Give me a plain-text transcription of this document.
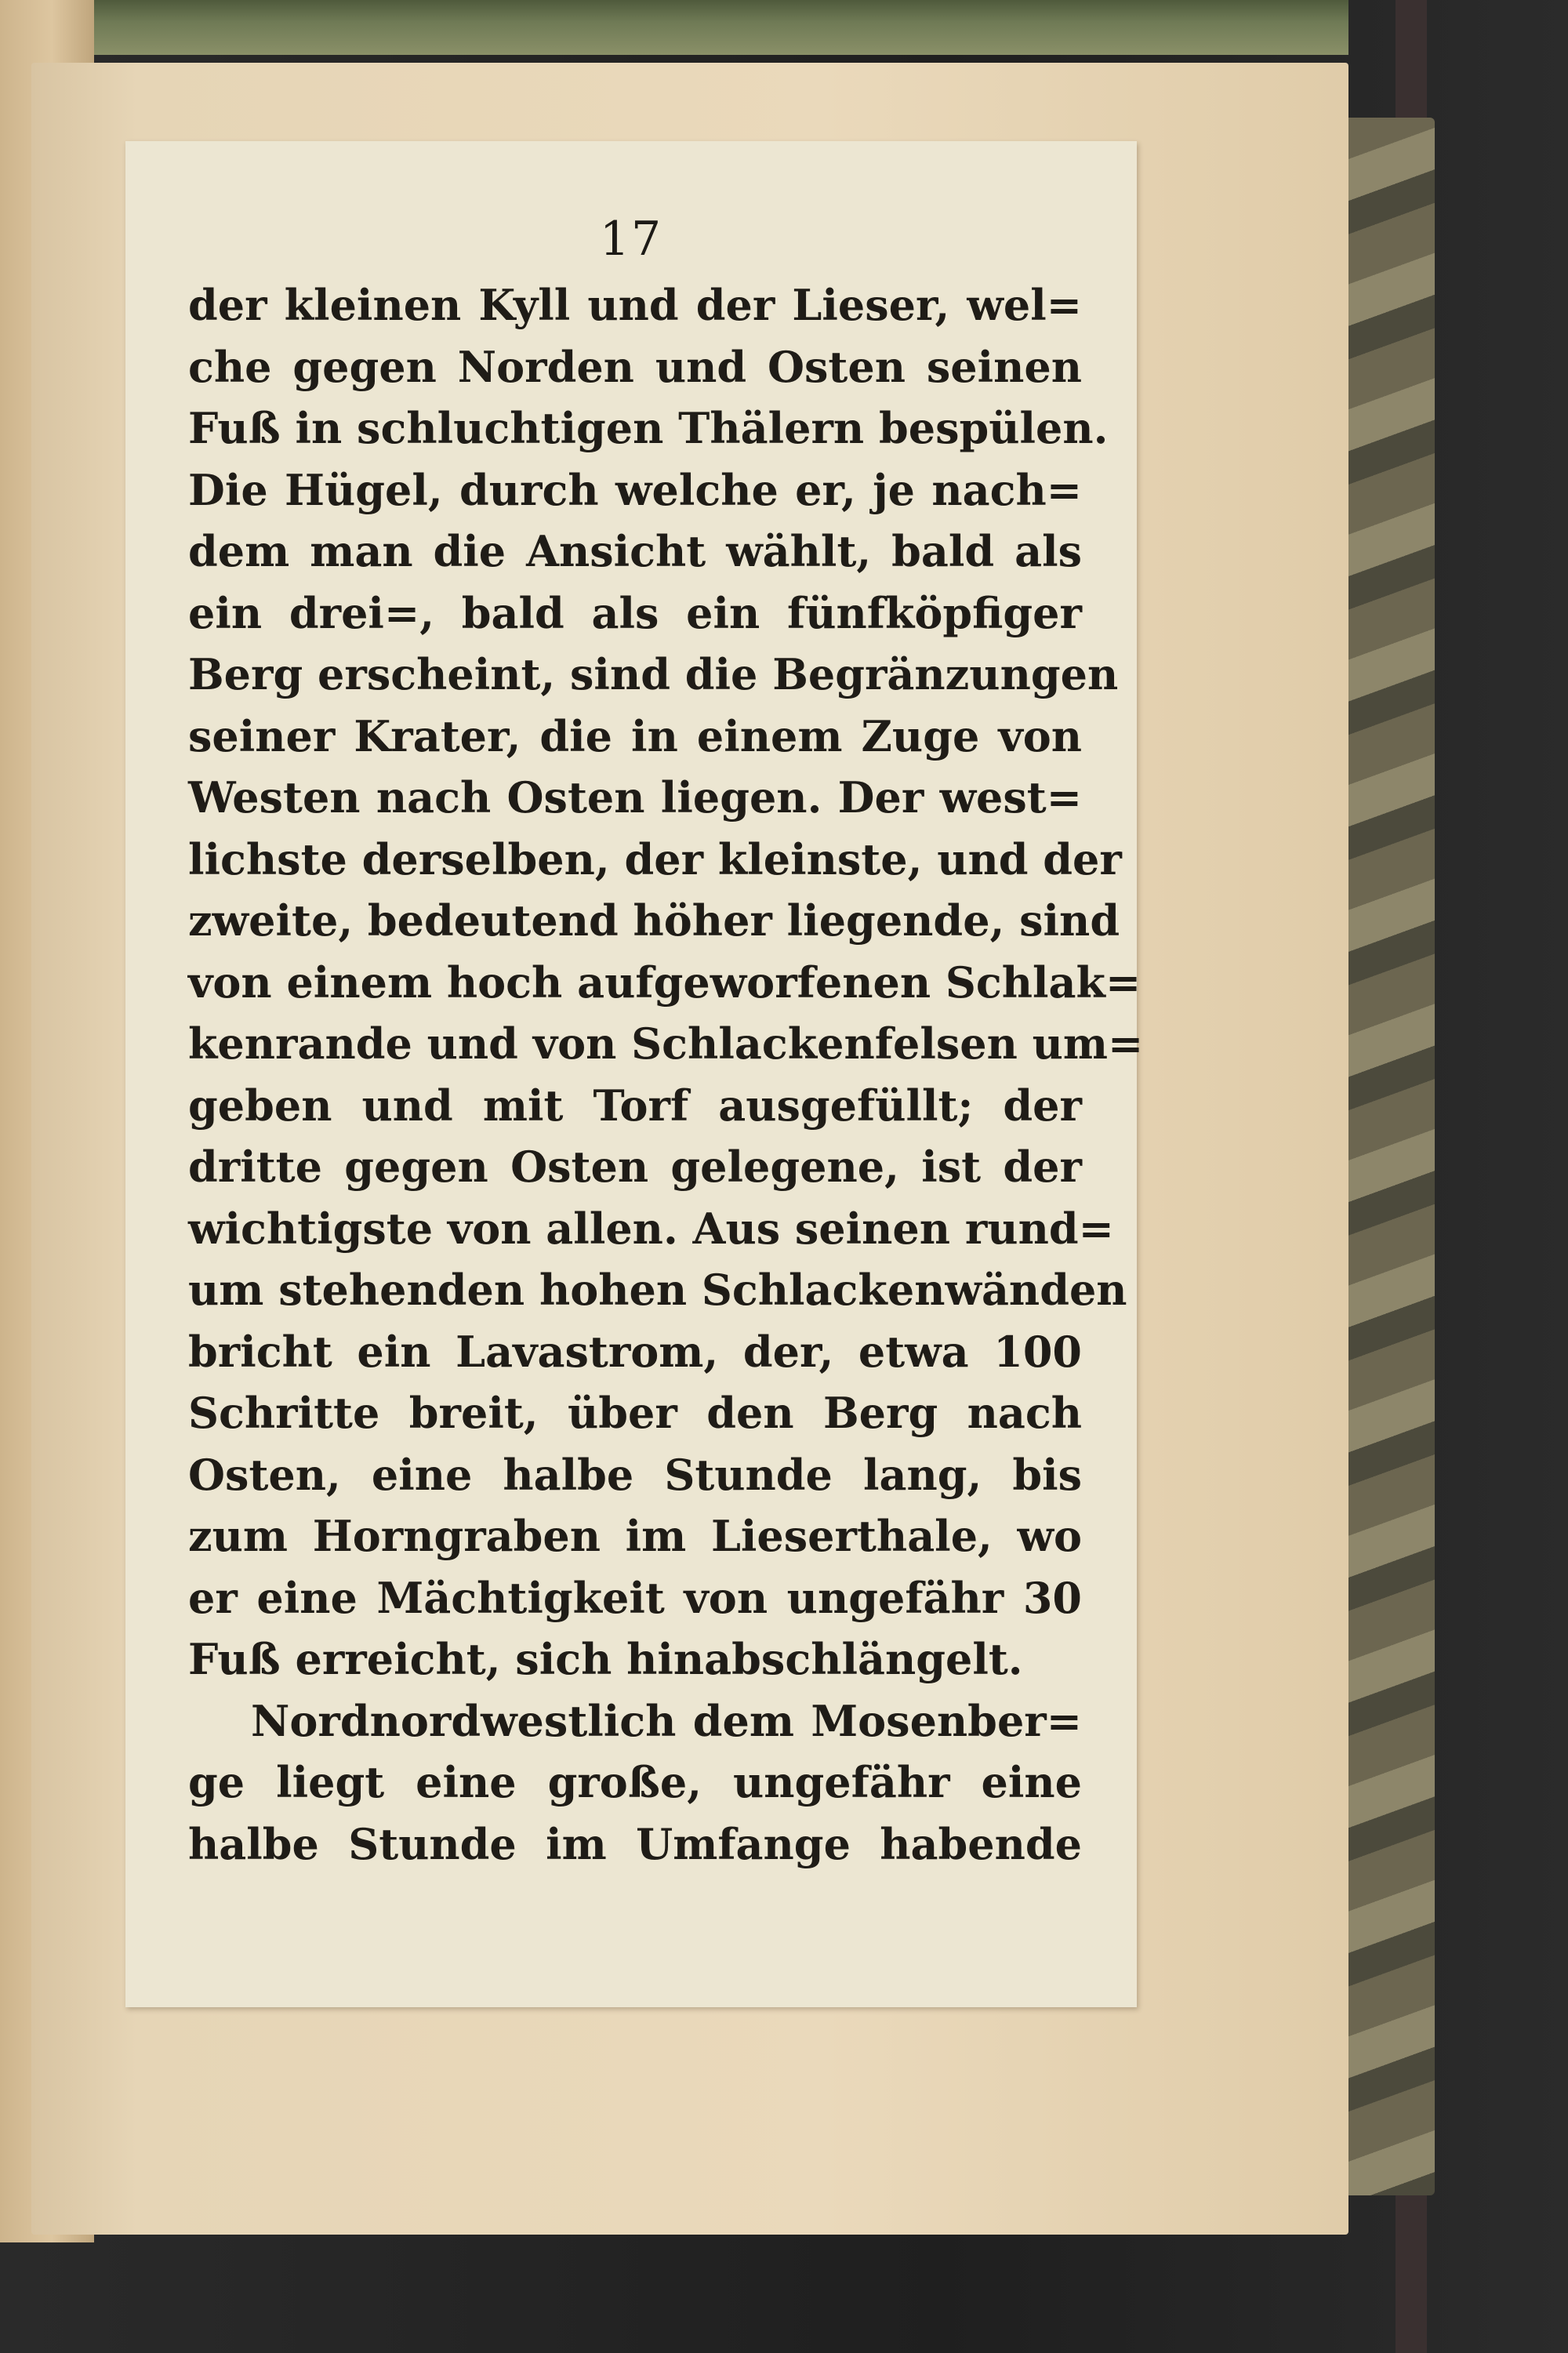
17
der kleinen Kyll und der Lieser, wel=
che gegen Norden und Osten seinen
Fuß in schluchtigen Thälern bespülen.
Die Hügel, durch welche er, je nach=
dem man die Ansicht wählt, bald als
ein drei=, bald als ein fünfköpfiger
Berg erscheint, sind die Begränzungen
seiner Krater, die in einem Zuge von
Westen nach Osten liegen. Der west=
lichste derselben, der kleinste, und der
zweite, bedeutend höher liegende, sind
von einem hoch aufgeworfenen Schlak=
kenrande und von Schlackenfelsen um=
geben und mit Torf ausgefüllt; der
dritte gegen Osten gelegene, ist der
wichtigste von allen. Aus seinen rund=
um stehenden hohen Schlackenwänden
bricht ein Lavastrom, der, etwa 100
Schritte breit, über den Berg nach
Osten, eine halbe Stunde lang, bis
zum Horngraben im Lieserthale, wo
er eine Mächtigkeit von ungefähr 30
Fuß erreicht, sich hinabschlängelt.
Nordnordwestlich dem Mosenber=
ge liegt eine große, ungefähr eine
halbe Stunde im Umfange habende
